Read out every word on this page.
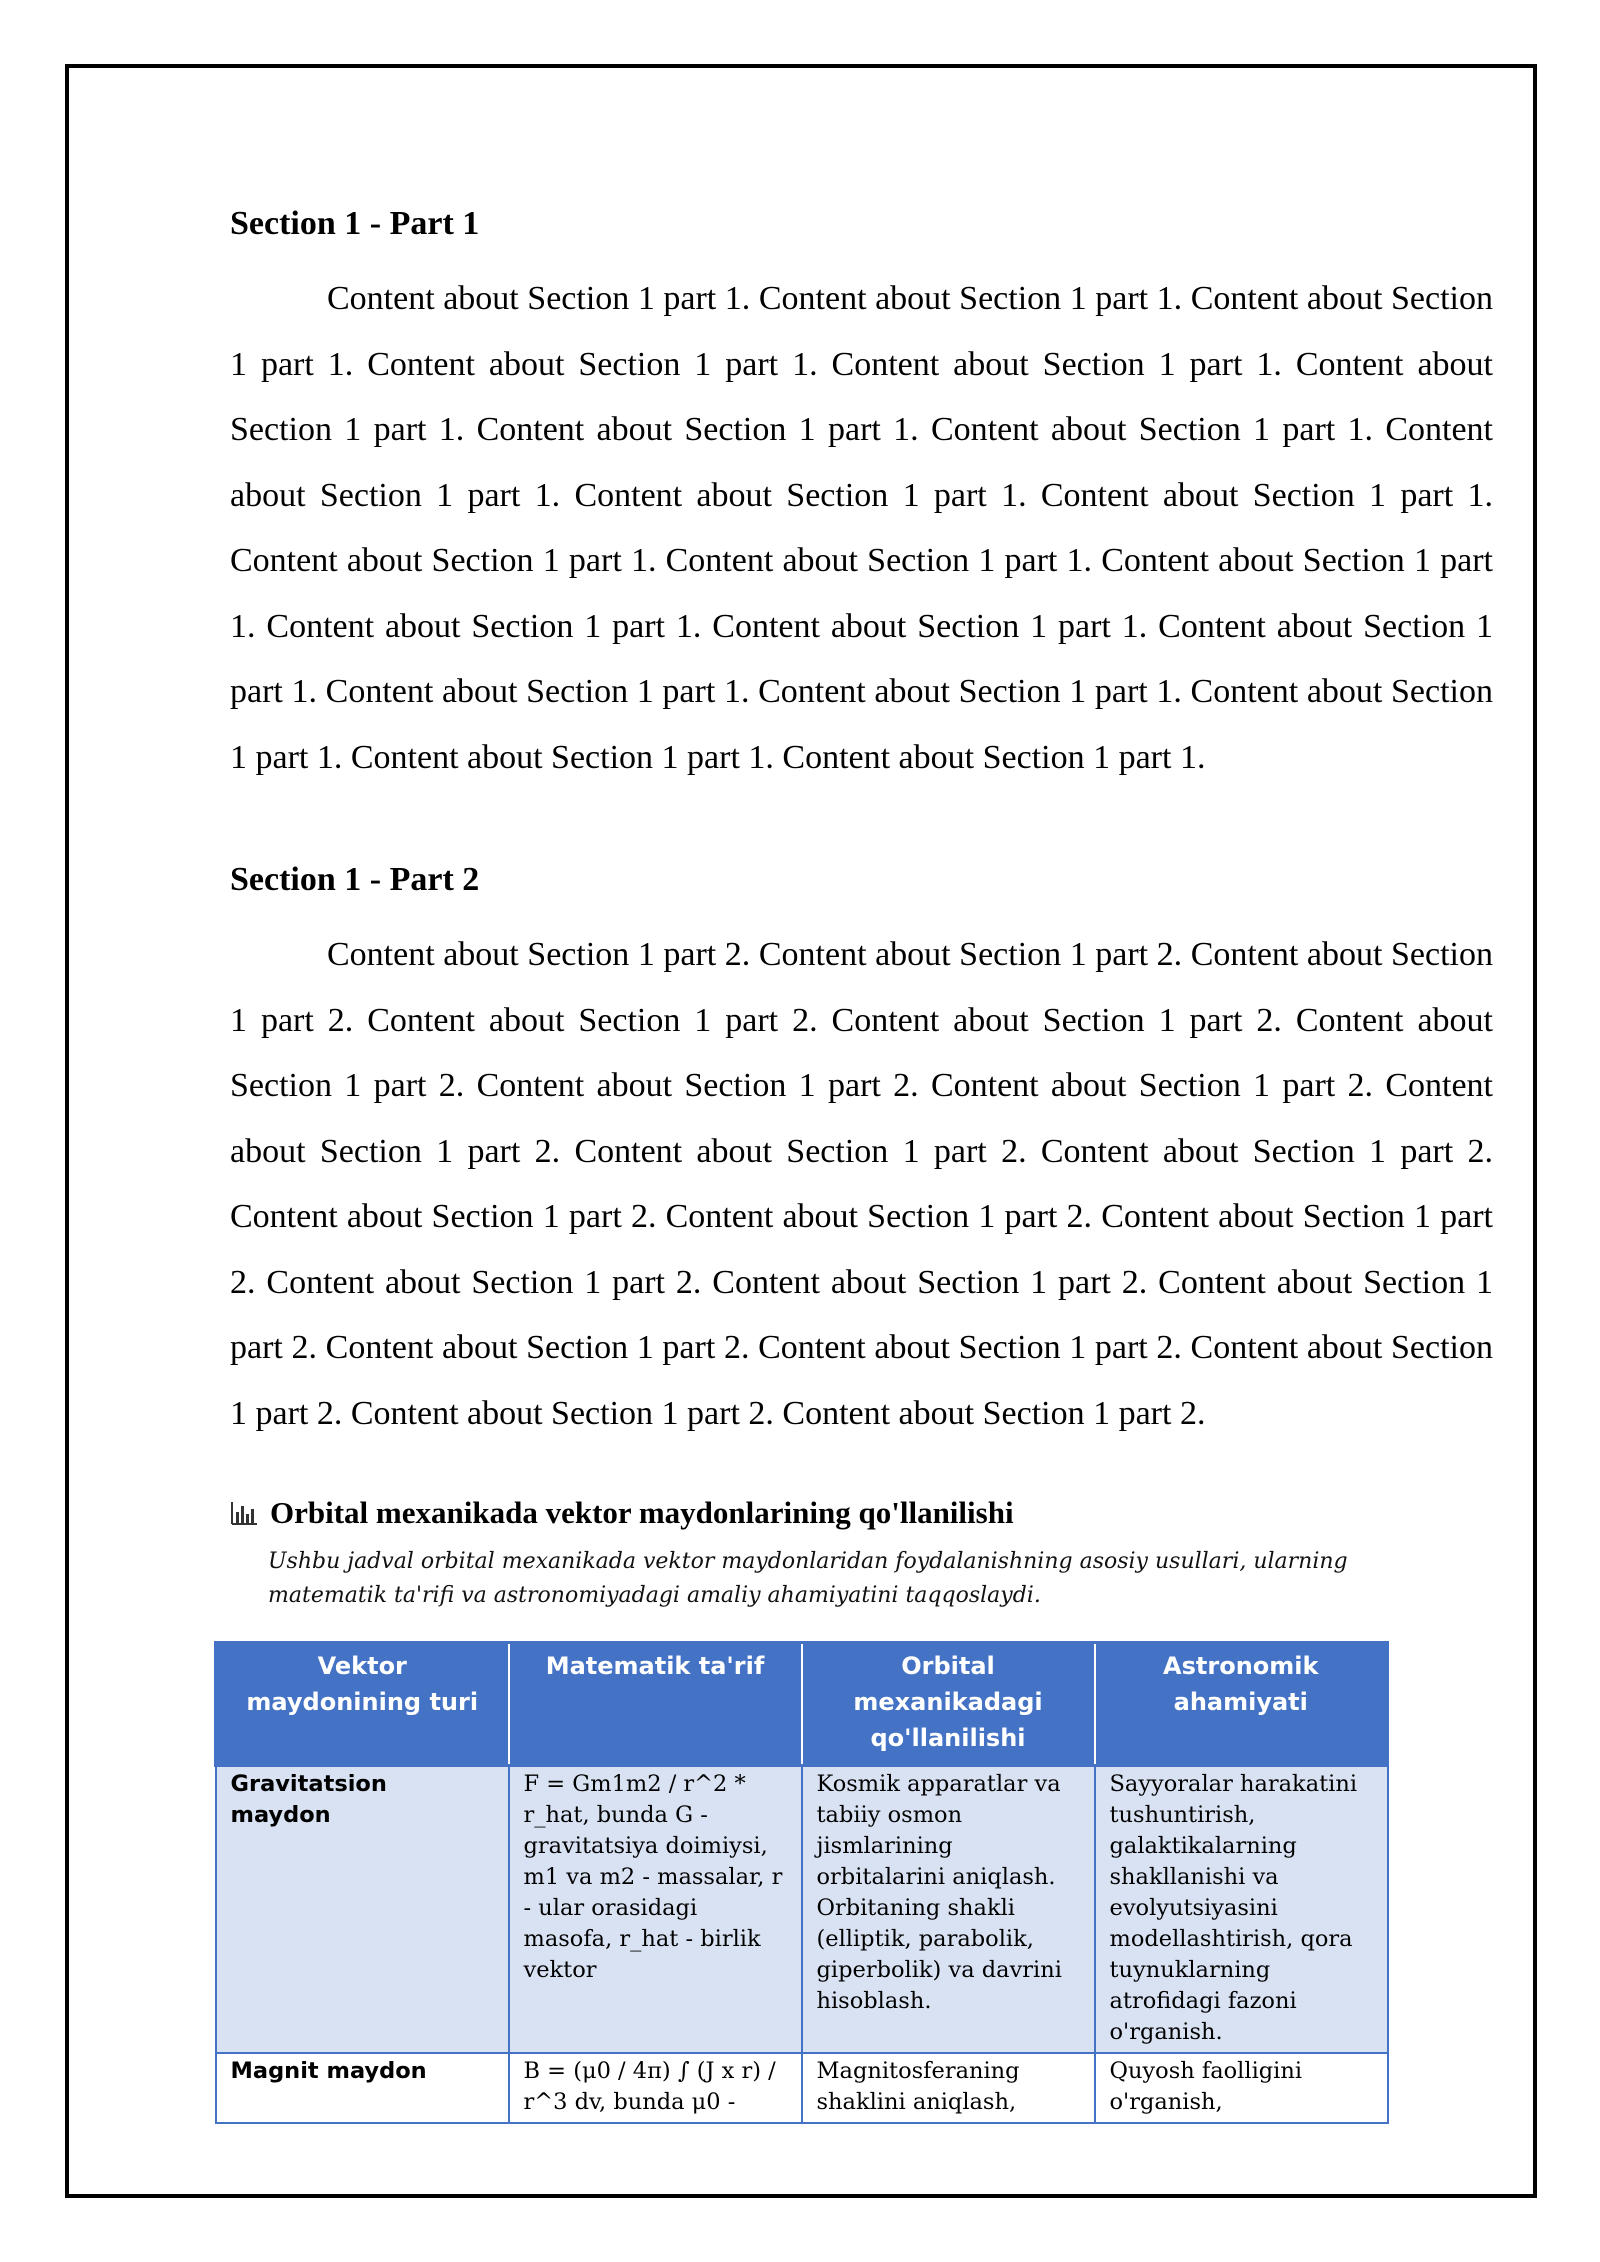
Section 1 - Part 1

Content about Section 1 part 1. Content about Section 1 part 1. Content about Section 1 part 1. Content about Section 1 part 1. Content about Section 1 part 1. Content about Section 1 part 1. Content about Section 1 part 1. Content about Section 1 part 1. Content about Section 1 part 1. Content about Section 1 part 1. Content about Section 1 part 1. Content about Section 1 part 1. Content about Section 1 part 1. Content about Section 1 part 1. Content about Section 1 part 1. Content about Section 1 part 1. Content about Section 1 part 1. Content about Section 1 part 1. Content about Section 1 part 1. Content about Section 1 part 1. Content about Section 1 part 1. Content about Section 1 part 1.

Section 1 - Part 2

Content about Section 1 part 2. Content about Section 1 part 2. Content about Section 1 part 2. Content about Section 1 part 2. Content about Section 1 part 2. Content about Section 1 part 2. Content about Section 1 part 2. Content about Section 1 part 2. Content about Section 1 part 2. Content about Section 1 part 2. Content about Section 1 part 2. Content about Section 1 part 2. Content about Section 1 part 2. Content about Section 1 part 2. Content about Section 1 part 2. Content about Section 1 part 2. Content about Section 1 part 2. Content about Section 1 part 2. Content about Section 1 part 2. Content about Section 1 part 2. Content about Section 1 part 2. Content about Section 1 part 2.

Orbital mexanikada vektor maydonlarining qo'llanilishi
Ushbu jadval orbital mexanikada vektor maydonlaridan foydalanishning asosiy usullari, ularning matematik ta'rifi va astronomiyadagi amaliy ahamiyatini taqqoslaydi.
Vektor maydonining turi	Matematik ta'rif	Orbital mexanikadagi qo'llanilishi	Astronomik ahamiyati
Gravitatsion maydon	F = Gm1m2 / r^2 * r_hat, bunda G - gravitatsiya doimiysi, m1 va m2 - massalar, r - ular orasidagi masofa, r_hat - birlik vektor	Kosmik apparatlar va tabiiy osmon jismlarining orbitalarini aniqlash. Orbitaning shakli (elliptik, parabolik, giperbolik) va davrini hisoblash.	Sayyoralar harakatini tushuntirish, galaktikalarning shakllanishi va evolyutsiyasini modellashtirish, qora tuynuklarning atrofidagi fazoni o'rganish.
Magnit maydon	B = (μ0 / 4π) ∫ (J x r) / r^3 dv, bunda μ0 -	Magnitosferaning shaklini aniqlash,	Quyosh faolligini o'rganish,
